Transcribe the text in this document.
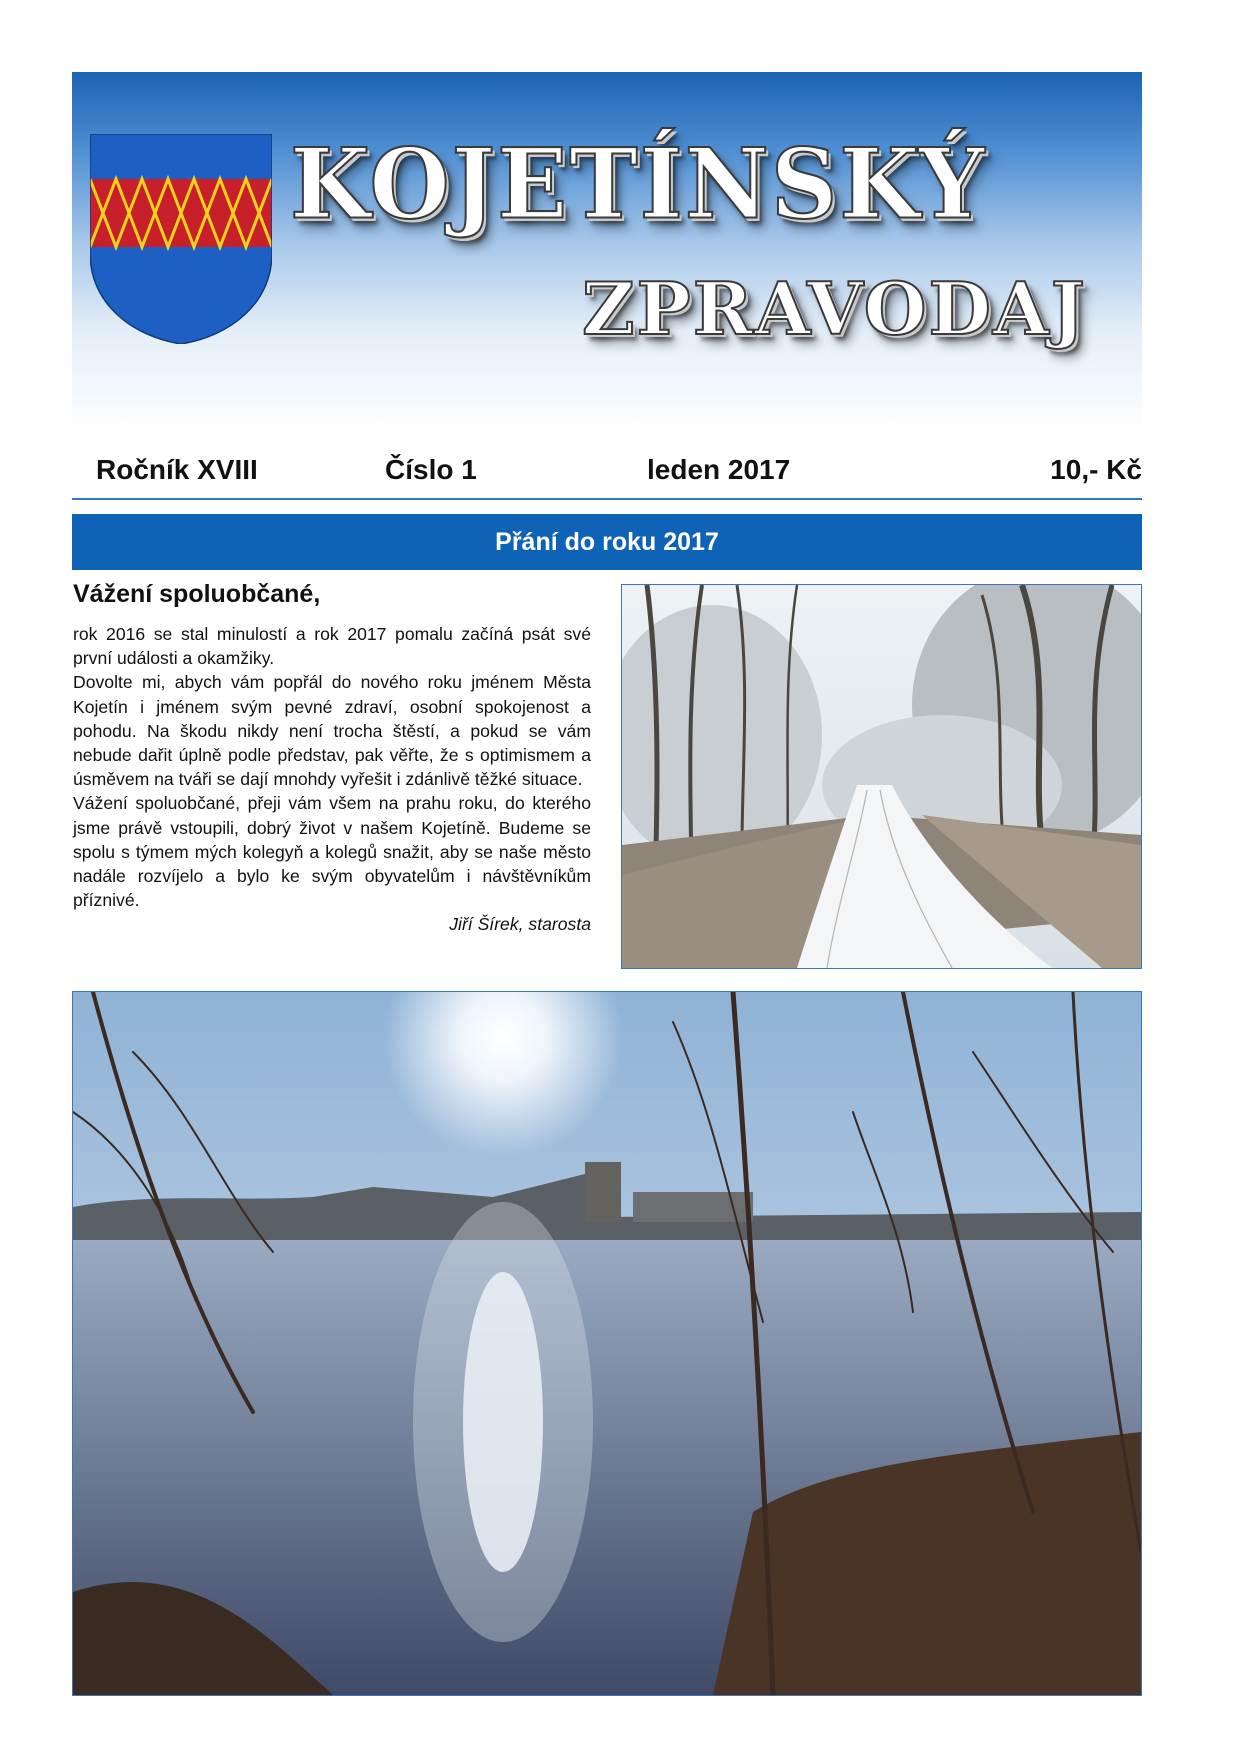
KOJETÍNSKÝ
ZPRAVODAJ
Ročník XVIII	Číslo 1	leden 2017	10,- Kč
Přání do roku 2017
Vážení spoluobčané,

rok 2016 se stal minulostí a rok 2017 pomalu začíná psát své první události a okamžiky.

Dovolte mi, abych vám popřál do nového roku jménem Města Kojetín i jménem svým pevné zdraví, osobní spokojenost a pohodu. Na škodu nikdy není trocha štěstí, a pokud se vám nebude dařit úplně podle představ, pak věřte, že s optimismem a úsměvem na tváři se dají mnohdy vyřešit i zdánlivě těžké situace.

Vážení spoluobčané, přeji vám všem na prahu roku, do kterého jsme právě vstoupili, dobrý život v našem Kojetíně. Budeme se spolu s týmem mých kolegyň a kolegů snažit, aby se naše město nadále rozvíjelo a bylo ke svým obyvatelům i návštěvníkům příznivé.

Jiří Šírek, starosta
